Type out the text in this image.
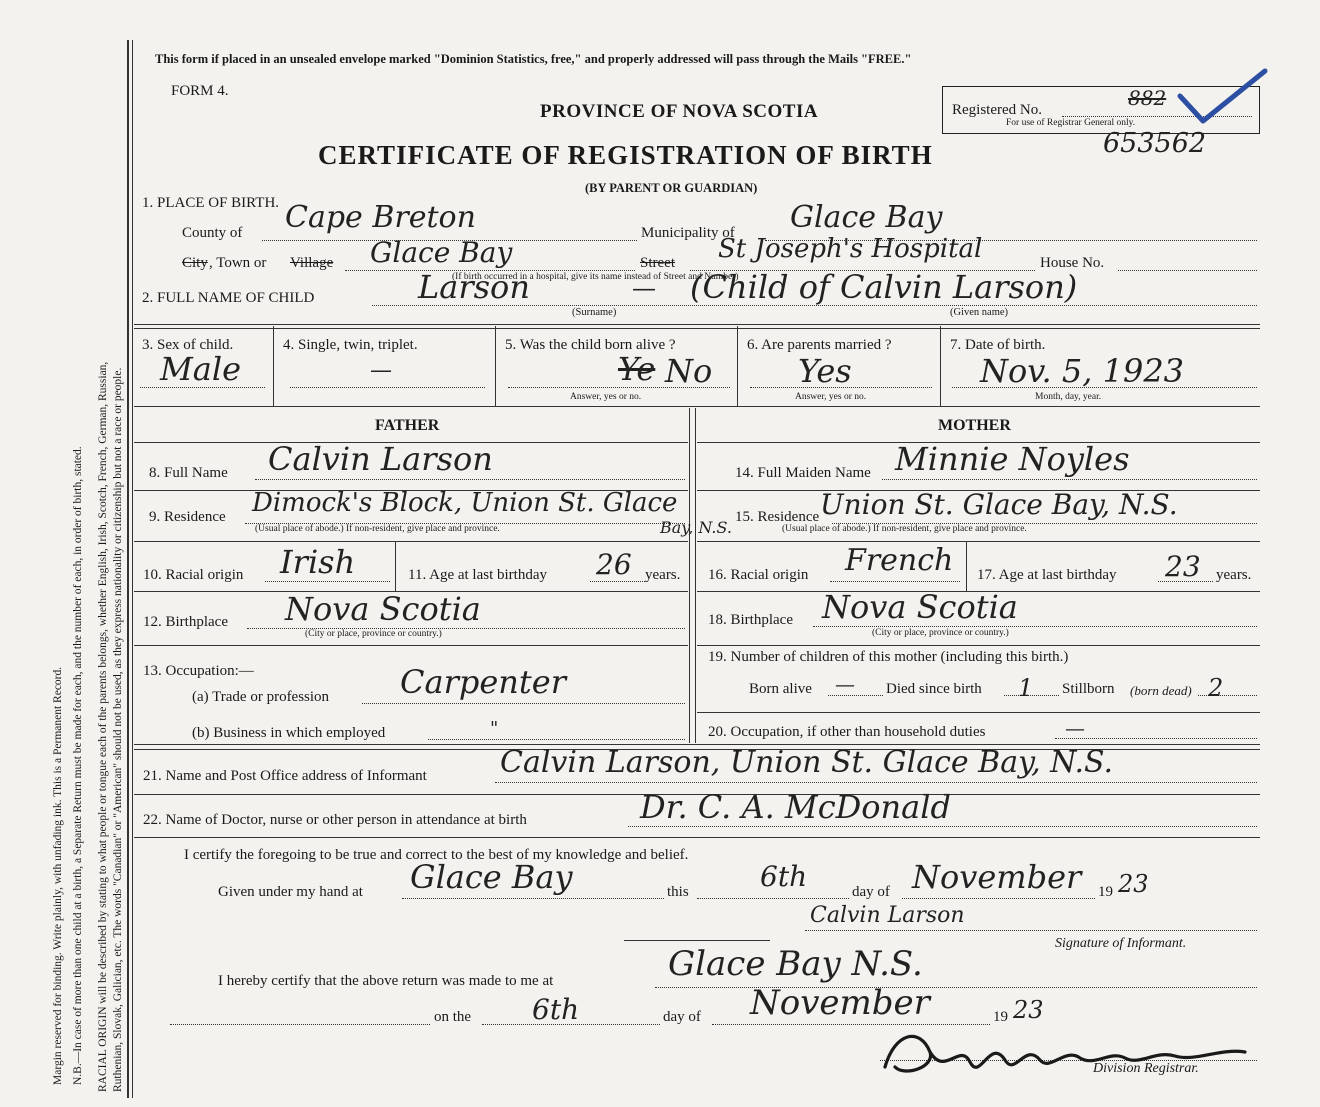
Margin reserved for binding. Write plainly, with unfading ink. This is a Permanent Record. N.B.—In case of more than one child at a birth, a Separate Return must be made for each, and the number of each, in order of birth, stated. RACIAL ORIGIN will be described by stating to what people or tongue each of the parents belongs, whether English, Irish, Scotch, French, German, Russian, Ruthenian, Slovak, Galician, etc. The words "Canadian" or "American" should not be used, as they express nationality or citizenship but not a race or people.
This form if placed in an unsealed envelope marked "Dominion Statistics, free," and properly addressed will pass through the Mails "FREE."
FORM 4.
PROVINCE OF NOVA SCOTIA
CERTIFICATE OF REGISTRATION OF BIRTH
(BY PARENT OR GUARDIAN)
Registered No.	882
For use of Registrar General only.
653562
1. PLACE OF BIRTH.
County of Cape Breton	Municipality of Glace Bay
City , Town or Village Glace Bay	Street St Joseph's Hospital	House No.
(If birth occurred in a hospital, give its name instead of Street and Number)
2. FULL NAME OF CHILD	Larson	— (Child of Calvin Larson)
(Surname)	(Given name)
3. Sex of child.
Male
4. Single, twin, triplet.
—
5. Was the child born alive ?
Ye No
Answer, yes or no.
6. Are parents married ?
Yes
Answer, yes or no.
7. Date of birth.
Nov. 5, 1923
Month, day, year.
FATHER	MOTHER
8. Full Name Calvin Larson	14. Full Maiden Name Minnie Noyles
9. Residence Dimock's Block, Union St. Glace
Bay, N.S.
(Usual place of abode.) If non-resident, give place and province.
15. Residence Union St. Glace Bay, N.S.
(Usual place of abode.) If non-resident, give place and province.
10. Racial origin Irish	11. Age at last birthday 26 years. 16. Racial origin French 17. Age at last birthday 23 years.
12. Birthplace Nova Scotia
(City or place, province or country.)
18. Birthplace Nova Scotia
(City or place, province or country.)
13. Occupation:—
(a) Trade or profession Carpenter
(b) Business in which employed	"
19. Number of children of this mother (including this birth.)
Born alive — Died since birth 1 Stillborn (born dead) 2
20. Occupation, if other than household duties	—
21. Name and Post Office address of Informant Calvin Larson, Union St. Glace Bay, N.S.
22. Name of Doctor, nurse or other person in attendance at birth	Dr. C. A. McDonald
I certify the foregoing to be true and correct to the best of my knowledge and belief.
Given under my hand at Glace Bay	this	6th	day of November 19 23
Calvin Larson
Signature of Informant.
I hereby certify that the above return was made to me at	Glace Bay N.S.
on the 6th	day of November	19 23
Division Registrar.
